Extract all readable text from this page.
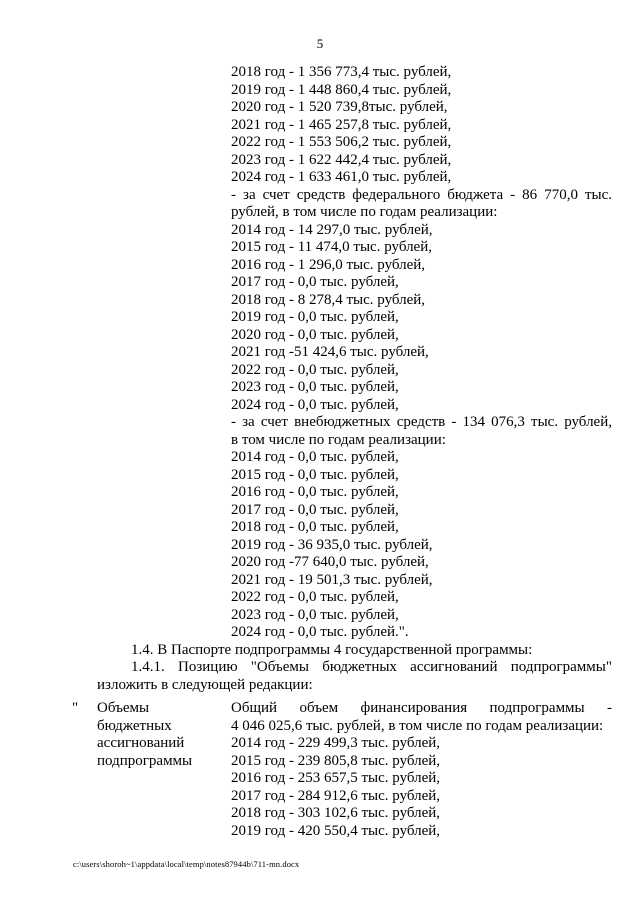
5
2018 год - 1 356 773,4 тыс. рублей,
2019 год - 1 448 860,4 тыс. рублей,
2020 год - 1 520 739,8тыс. рублей,
2021 год - 1 465 257,8 тыс. рублей,
2022 год - 1 553 506,2 тыс. рублей,
2023 год - 1 622 442,4 тыс. рублей,
2024 год - 1 633 461,0 тыс. рублей,
- за счет средств федерального бюджета - 86 770,0 тыс.
рублей, в том числе по годам реализации:
2014 год - 14 297,0 тыс. рублей,
2015 год - 11 474,0 тыс. рублей,
2016 год - 1 296,0 тыс. рублей,
2017 год - 0,0 тыс. рублей,
2018 год - 8 278,4 тыс. рублей,
2019 год - 0,0 тыс. рублей,
2020 год - 0,0 тыс. рублей,
2021 год -51 424,6 тыс. рублей,
2022 год - 0,0 тыс. рублей,
2023 год - 0,0 тыс. рублей,
2024 год - 0,0 тыс. рублей,
- за счет внебюджетных средств - 134 076,3 тыс. рублей,
в том числе по годам реализации:
2014 год - 0,0 тыс. рублей,
2015 год - 0,0 тыс. рублей,
2016 год - 0,0 тыс. рублей,
2017 год - 0,0 тыс. рублей,
2018 год - 0,0 тыс. рублей,
2019 год - 36 935,0 тыс. рублей,
2020 год -77 640,0 тыс. рублей,
2021 год - 19 501,3 тыс. рублей,
2022 год - 0,0 тыс. рублей,
2023 год - 0,0 тыс. рублей,
2024 год - 0,0 тыс. рублей.".
1.4. В Паспорте подпрограммы 4 государственной программы:
1.4.1. Позицию "Объемы бюджетных ассигнований подпрограммы"
изложить в следующей редакции:
" Объемы
бюджетных
ассигнований
подпрограммы
Общий объем финансирования подпрограммы -
4 046 025,6 тыс. рублей, в том числе по годам реализации:
2014 год - 229 499,3 тыс. рублей,
2015 год - 239 805,8 тыс. рублей,
2016 год - 253 657,5 тыс. рублей,
2017 год - 284 912,6 тыс. рублей,
2018 год - 303 102,6 тыс. рублей,
2019 год - 420 550,4 тыс. рублей,
c:\users\shoroh~1\appdata\local\temp\notes87944b\711-mn.docx
